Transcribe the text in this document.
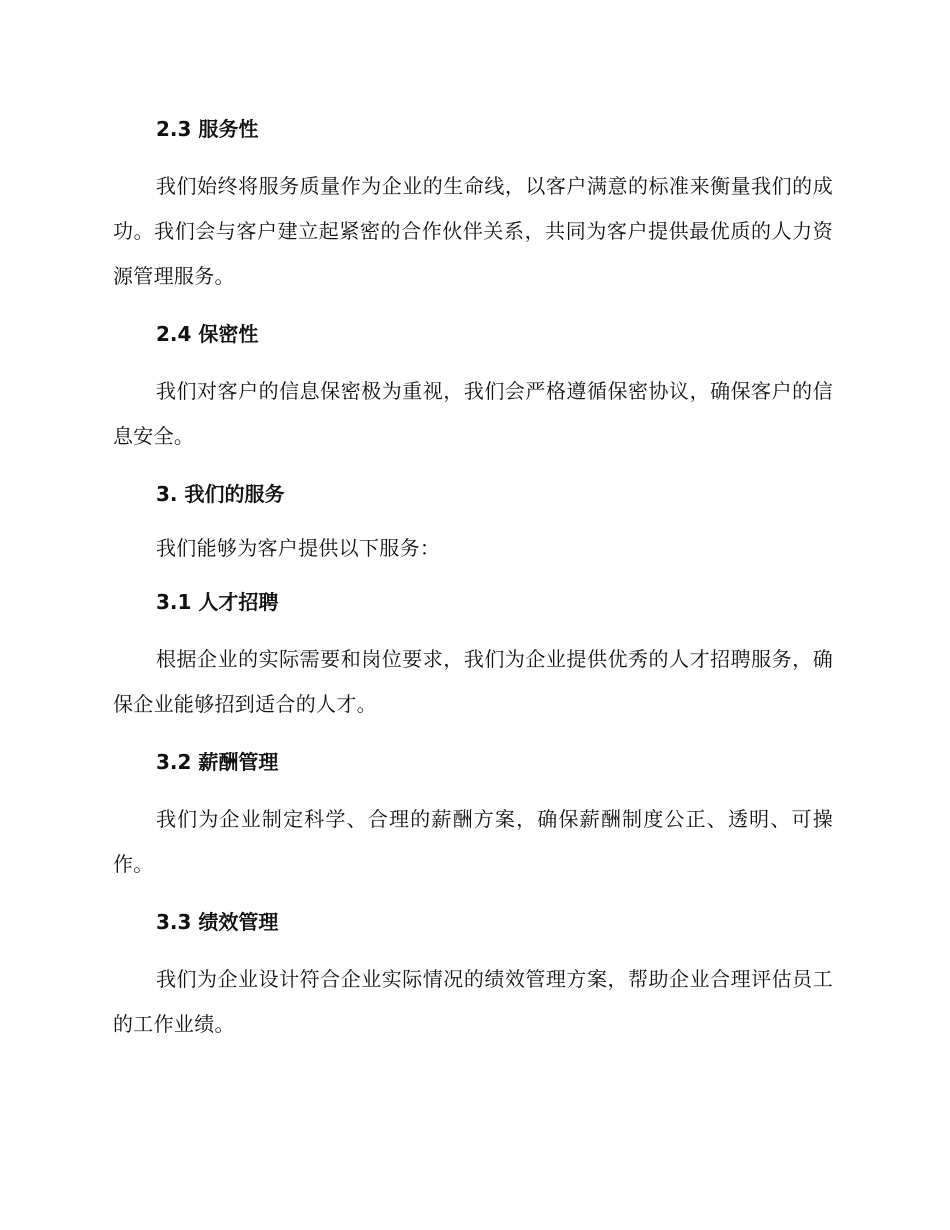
2.3 服务性

我们始终将服务质量作为企业的生命线，以客户满意的标准来衡量我们的成功。我们会与客户建立起紧密的合作伙伴关系，共同为客户提供最优质的人力资源管理服务。

2.4 保密性

我们对客户的信息保密极为重视，我们会严格遵循保密协议，确保客户的信息安全。

3. 我们的服务

我们能够为客户提供以下服务：

3.1 人才招聘

根据企业的实际需要和岗位要求，我们为企业提供优秀的人才招聘服务，确保企业能够招到适合的人才。

3.2 薪酬管理

我们为企业制定科学、合理的薪酬方案，确保薪酬制度公正、透明、可操作。

3.3 绩效管理

我们为企业设计符合企业实际情况的绩效管理方案，帮助企业合理评估员工的工作业绩。
